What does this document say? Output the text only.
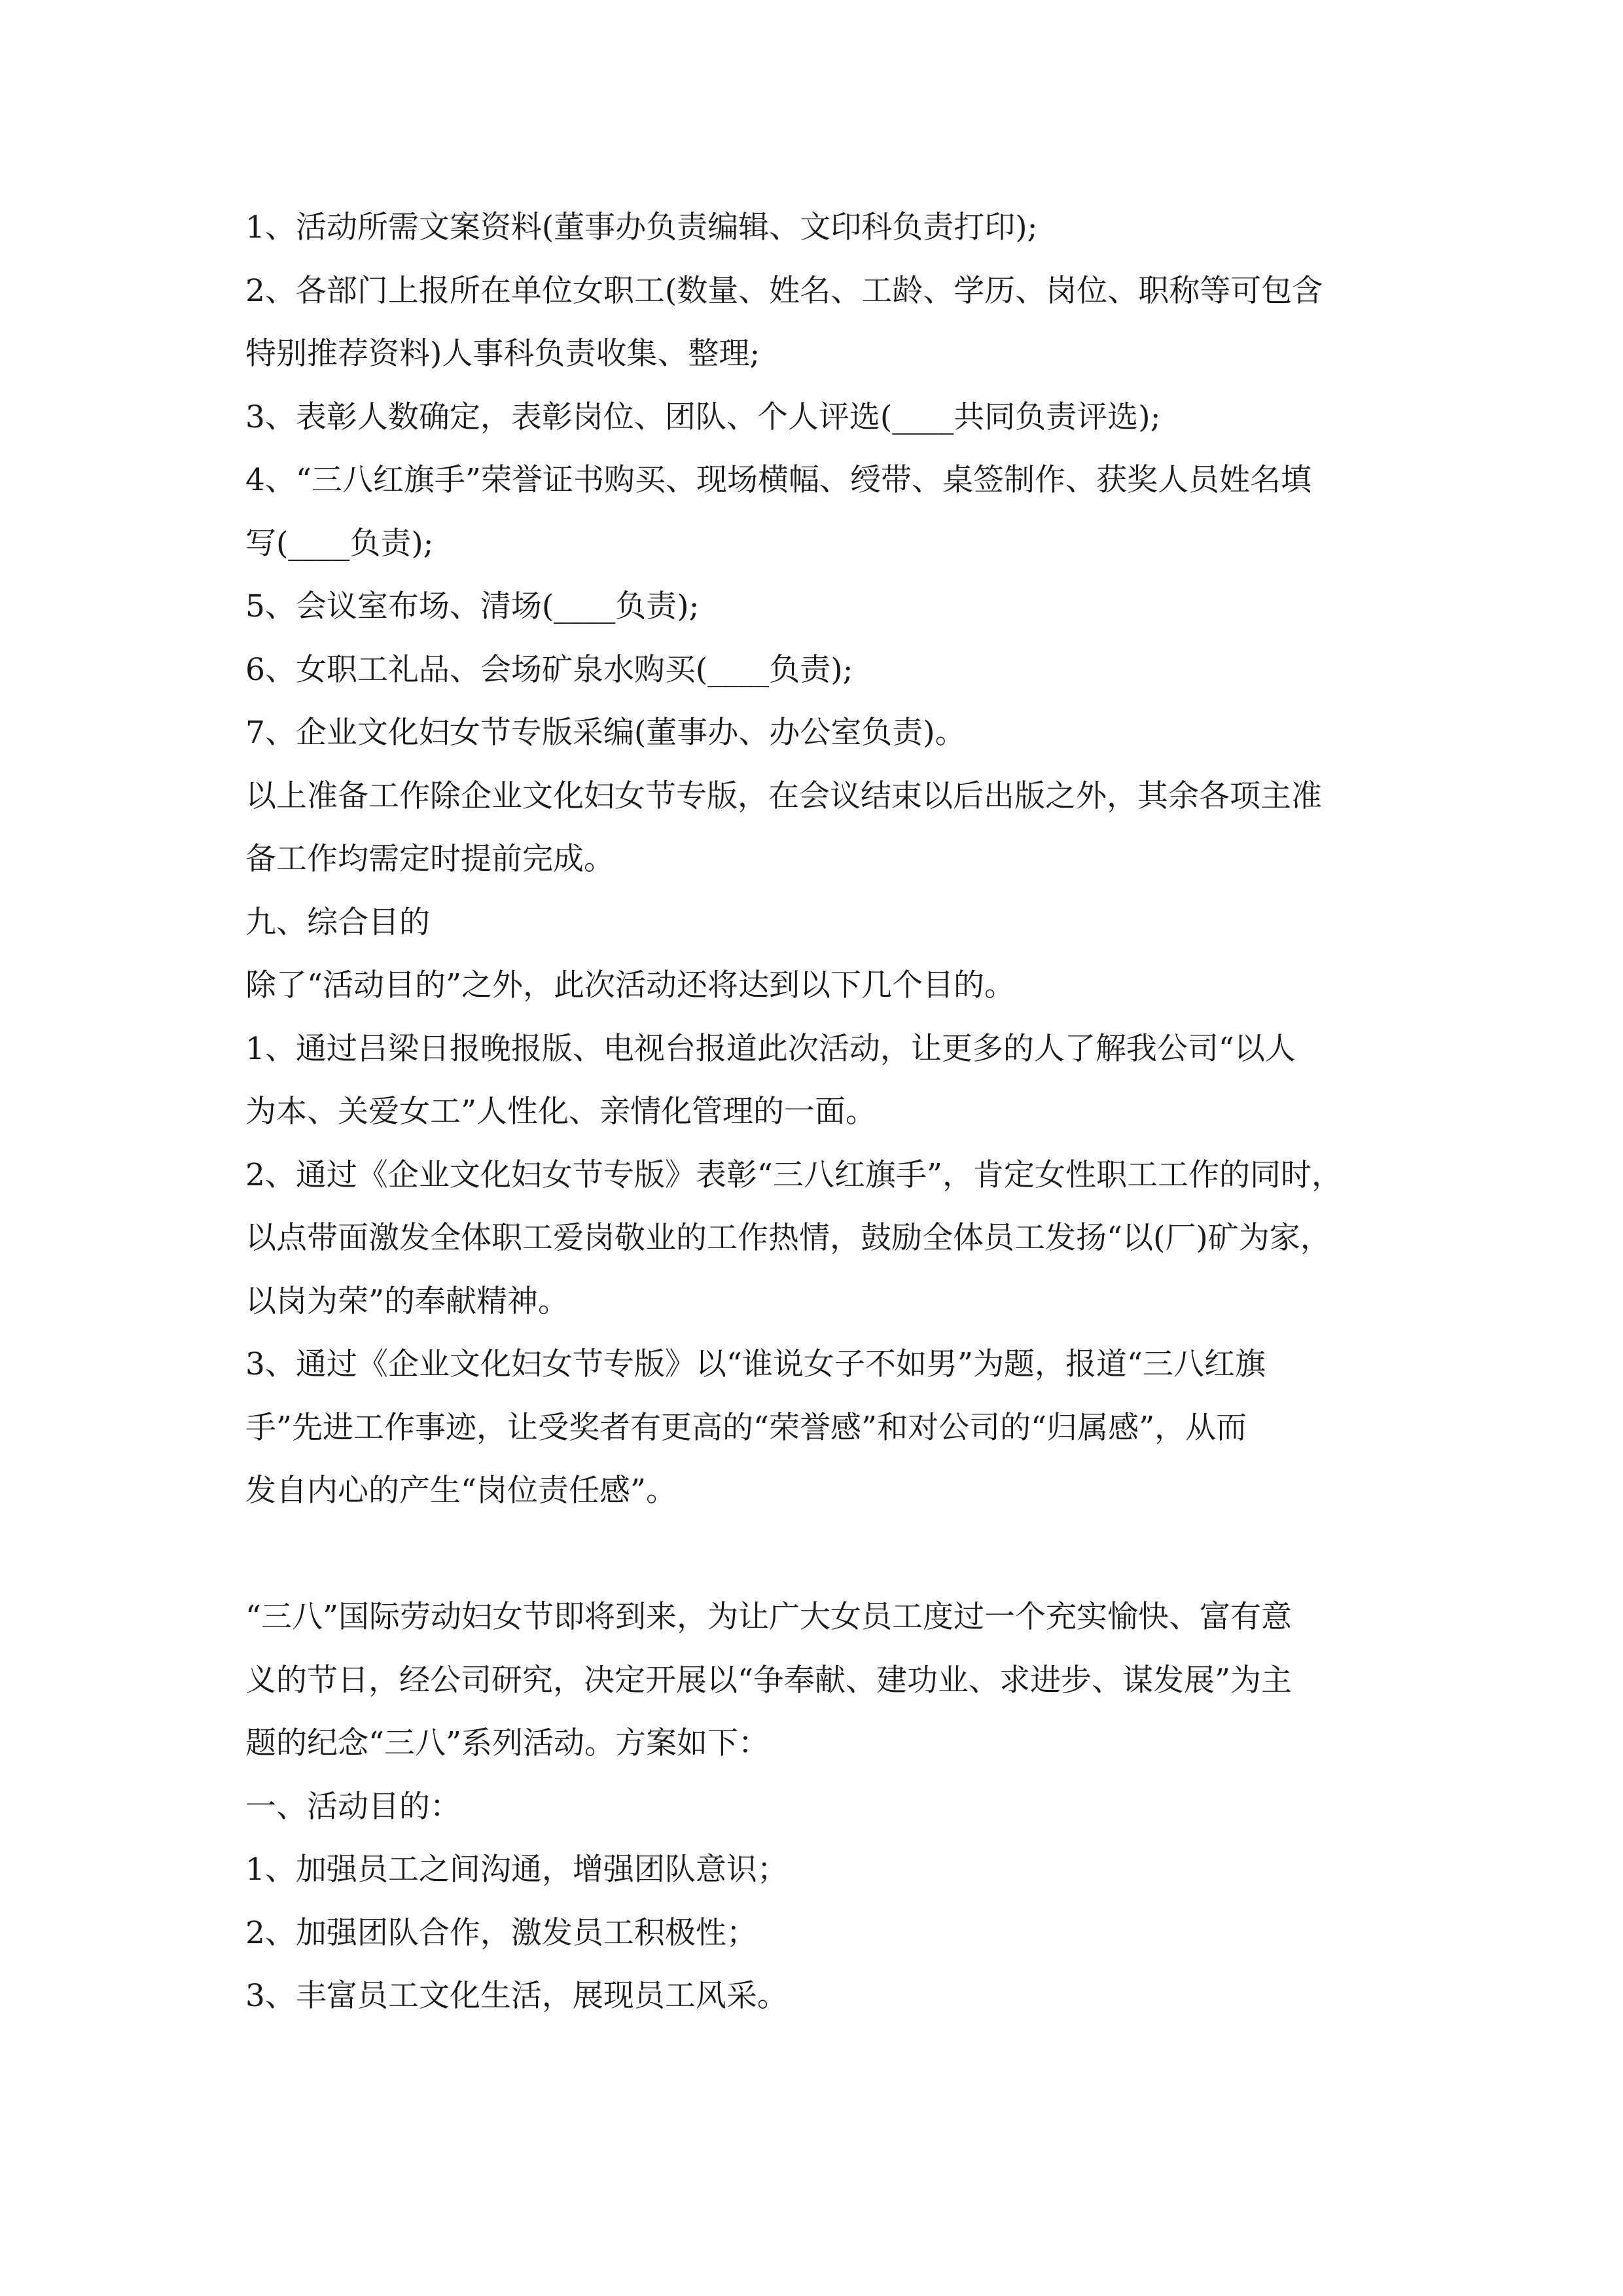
1、活动所需文案资料(董事办负责编辑、文印科负责打印);
2、各部门上报所在单位女职工(数量、姓名、工龄、学历、岗位、职称等可包含
特别推荐资料)人事科负责收集、整理;
3、表彰人数确定，表彰岗位、团队、个人评选(____共同负责评选);
4、“三八红旗手”荣誉证书购买、现场横幅、绶带、桌签制作、获奖人员姓名填
写(____负责);
5、会议室布场、清场(____负责);
6、女职工礼品、会场矿泉水购买(____负责);
7、企业文化妇女节专版采编(董事办、办公室负责)。
以上准备工作除企业文化妇女节专版，在会议结束以后出版之外，其余各项主准
备工作均需定时提前完成。
九、综合目的
除了“活动目的”之外，此次活动还将达到以下几个目的。
1、通过吕梁日报晚报版、电视台报道此次活动，让更多的人了解我公司“以人
为本、关爱女工”人性化、亲情化管理的一面。
2、通过《企业文化妇女节专版》表彰“三八红旗手”，肯定女性职工工作的同时，
以点带面激发全体职工爱岗敬业的工作热情，鼓励全体员工发扬“以(厂)矿为家，
以岗为荣”的奉献精神。
3、通过《企业文化妇女节专版》以“谁说女子不如男”为题，报道“三八红旗
手”先进工作事迹，让受奖者有更高的“荣誉感”和对公司的“归属感”，从而
发自内心的产生“岗位责任感”。
“三八”国际劳动妇女节即将到来，为让广大女员工度过一个充实愉快、富有意
义的节日，经公司研究，决定开展以“争奉献、建功业、求进步、谋发展”为主
题的纪念“三八”系列活动。方案如下：
一、活动目的：
1、加强员工之间沟通，增强团队意识；
2、加强团队合作，激发员工积极性；
3、丰富员工文化生活，展现员工风采。
